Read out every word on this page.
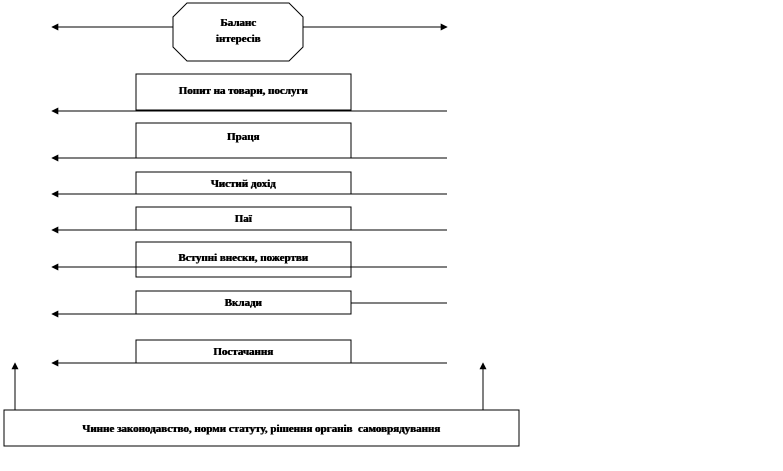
Баланс
інтересів
Попит на товари, послуги
Праця
Чистий дохід
Паї
Вступні внески, пожертви
Вклади
Постачання
Чинне законодавство, норми статуту, рішення органів  самоврядування
